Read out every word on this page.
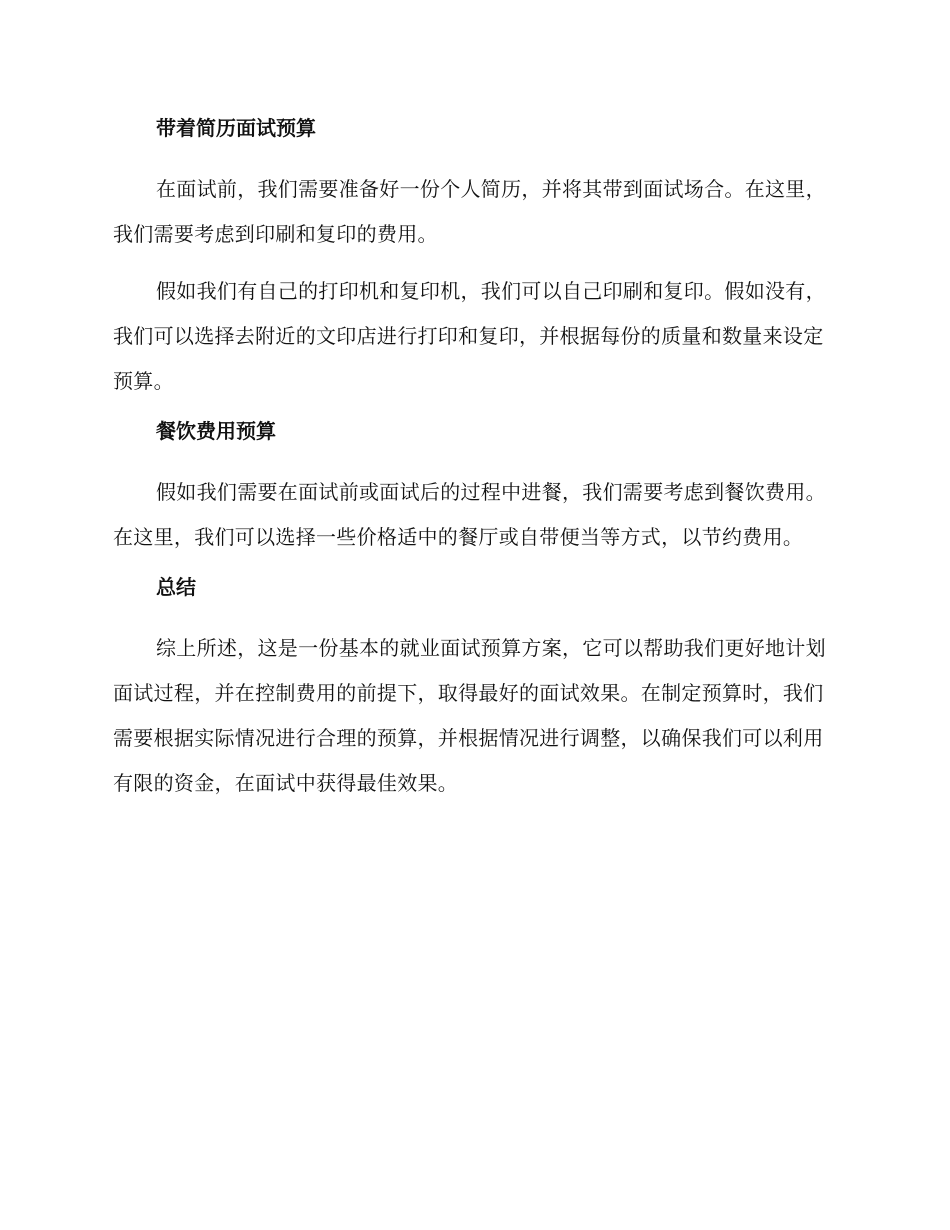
带着简历面试预算

在面试前，我们需要准备好一份个人简历，并将其带到面试场合。在这里，我们需要考虑到印刷和复印的费用。

假如我们有自己的打印机和复印机，我们可以自己印刷和复印。假如没有，我们可以选择去附近的文印店进行打印和复印，并根据每份的质量和数量来设定预算。

餐饮费用预算

假如我们需要在面试前或面试后的过程中进餐，我们需要考虑到餐饮费用。在这里，我们可以选择一些价格适中的餐厅或自带便当等方式，以节约费用。

总结

综上所述，这是一份基本的就业面试预算方案，它可以帮助我们更好地计划面试过程，并在控制费用的前提下，取得最好的面试效果。在制定预算时，我们需要根据实际情况进行合理的预算，并根据情况进行调整，以确保我们可以利用有限的资金，在面试中获得最佳效果。
